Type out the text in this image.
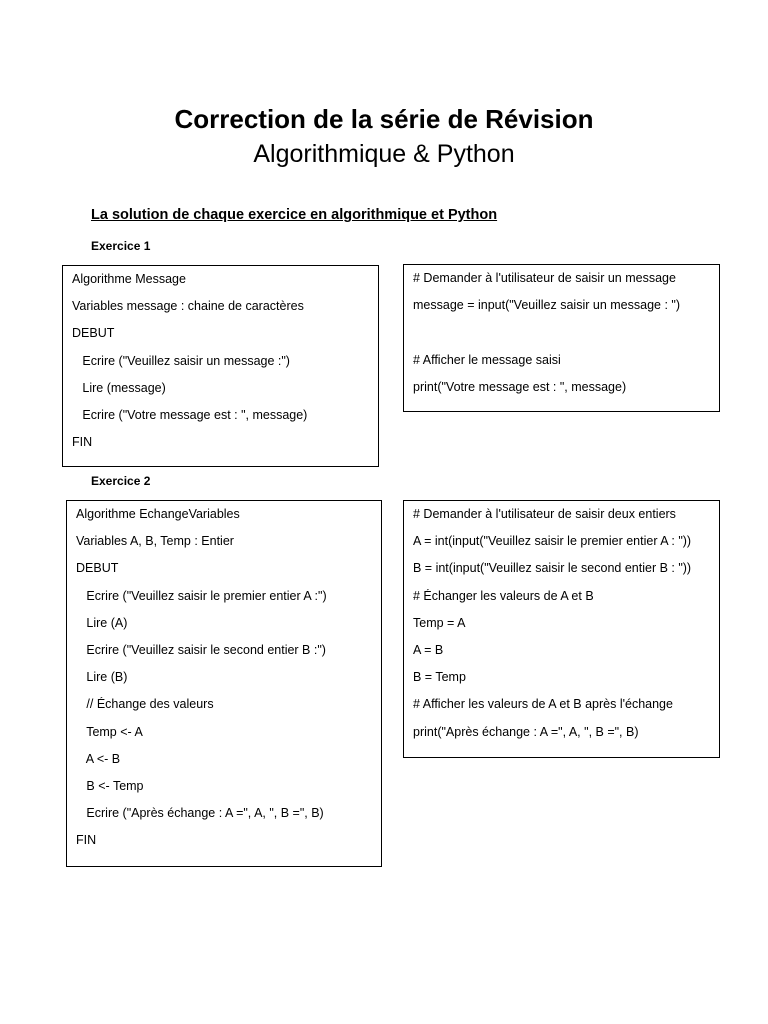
Correction de la série de Révision
Algorithmique & Python
La solution de chaque exercice en algorithmique et Python
Exercice 1
Algorithme Message
Variables message : chaine de caractères
DEBUT
Ecrire ("Veuillez saisir un message :")
Lire (message)
Ecrire ("Votre message est : ", message)
FIN
# Demander à l'utilisateur de saisir un message
message = input("Veuillez saisir un message : ")
# Afficher le message saisi
print("Votre message est : ", message)
Exercice 2
Algorithme EchangeVariables
Variables A, B, Temp : Entier
DEBUT
Ecrire ("Veuillez saisir le premier entier A :")
Lire (A)
Ecrire ("Veuillez saisir le second entier B :")
Lire (B)
// Échange des valeurs
Temp <- A
A <- B
B <- Temp
Ecrire ("Après échange : A =", A, ", B =", B)
FIN
# Demander à l'utilisateur de saisir deux entiers
A = int(input("Veuillez saisir le premier entier A : "))
B = int(input("Veuillez saisir le second entier B : "))
# Échanger les valeurs de A et B
Temp = A
A = B
B = Temp
# Afficher les valeurs de A et B après l'échange
print("Après échange : A =", A, ", B =", B)
